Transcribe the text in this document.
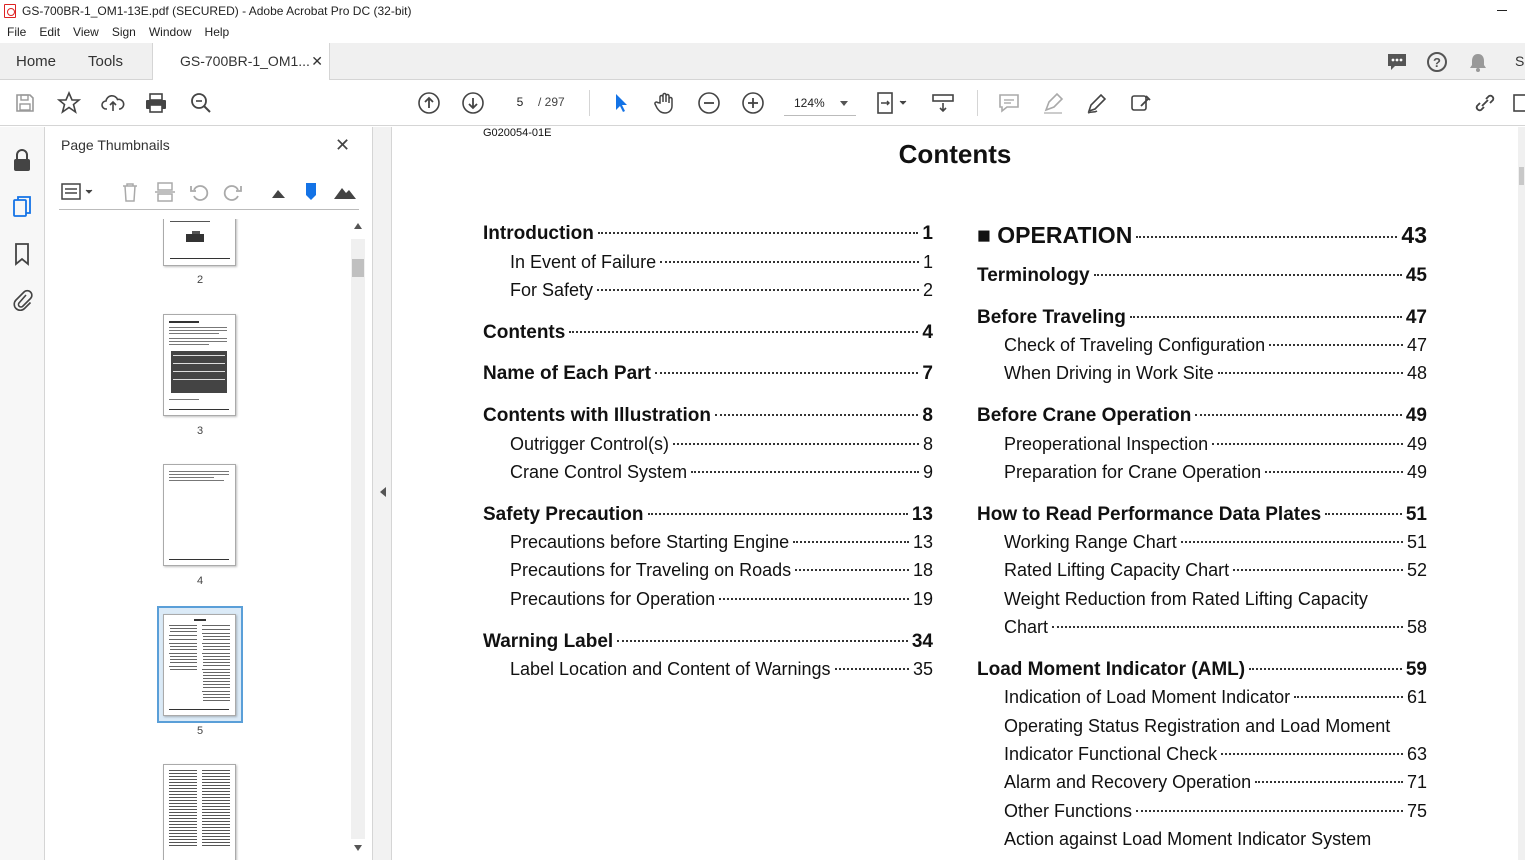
GS-700BR-1_OM1-13E.pdf (SECURED) - Adobe Acrobat Pro DC (32-bit)
File Edit View Sign Window Help
Home Tools	GS-700BR-1_OM1... ✕	?	S
5	/ 297	124%
Page Thumbnails	✕
2
3
4
5
G020054-01E
Contents
Introduction	1
In Event of Failure	1
For Safety	2
Contents	4
Name of Each Part	7
Contents with Illustration	8
Outrigger Control(s)	8
Crane Control System	9
Safety Precaution	13
Precautions before Starting Engine	13
Precautions for Traveling on Roads	18
Precautions for Operation	19
Warning Label	34
Label Location and Content of Warnings	35
■ OPERATION	43
Terminology	45
Before Traveling	47
Check of Traveling Configuration	47
When Driving in Work Site	48
Before Crane Operation	49
Preoperational Inspection	49
Preparation for Crane Operation	49
How to Read Performance Data Plates	51
Working Range Chart	51
Rated Lifting Capacity Chart	52
Weight Reduction from Rated Lifting Capacity
Chart	58
Load Moment Indicator (AML)	59
Indication of Load Moment Indicator	61
Operating Status Registration and Load Moment
Indicator Functional Check	63
Alarm and Recovery Operation	71
Other Functions	75
Action against Load Moment Indicator System
